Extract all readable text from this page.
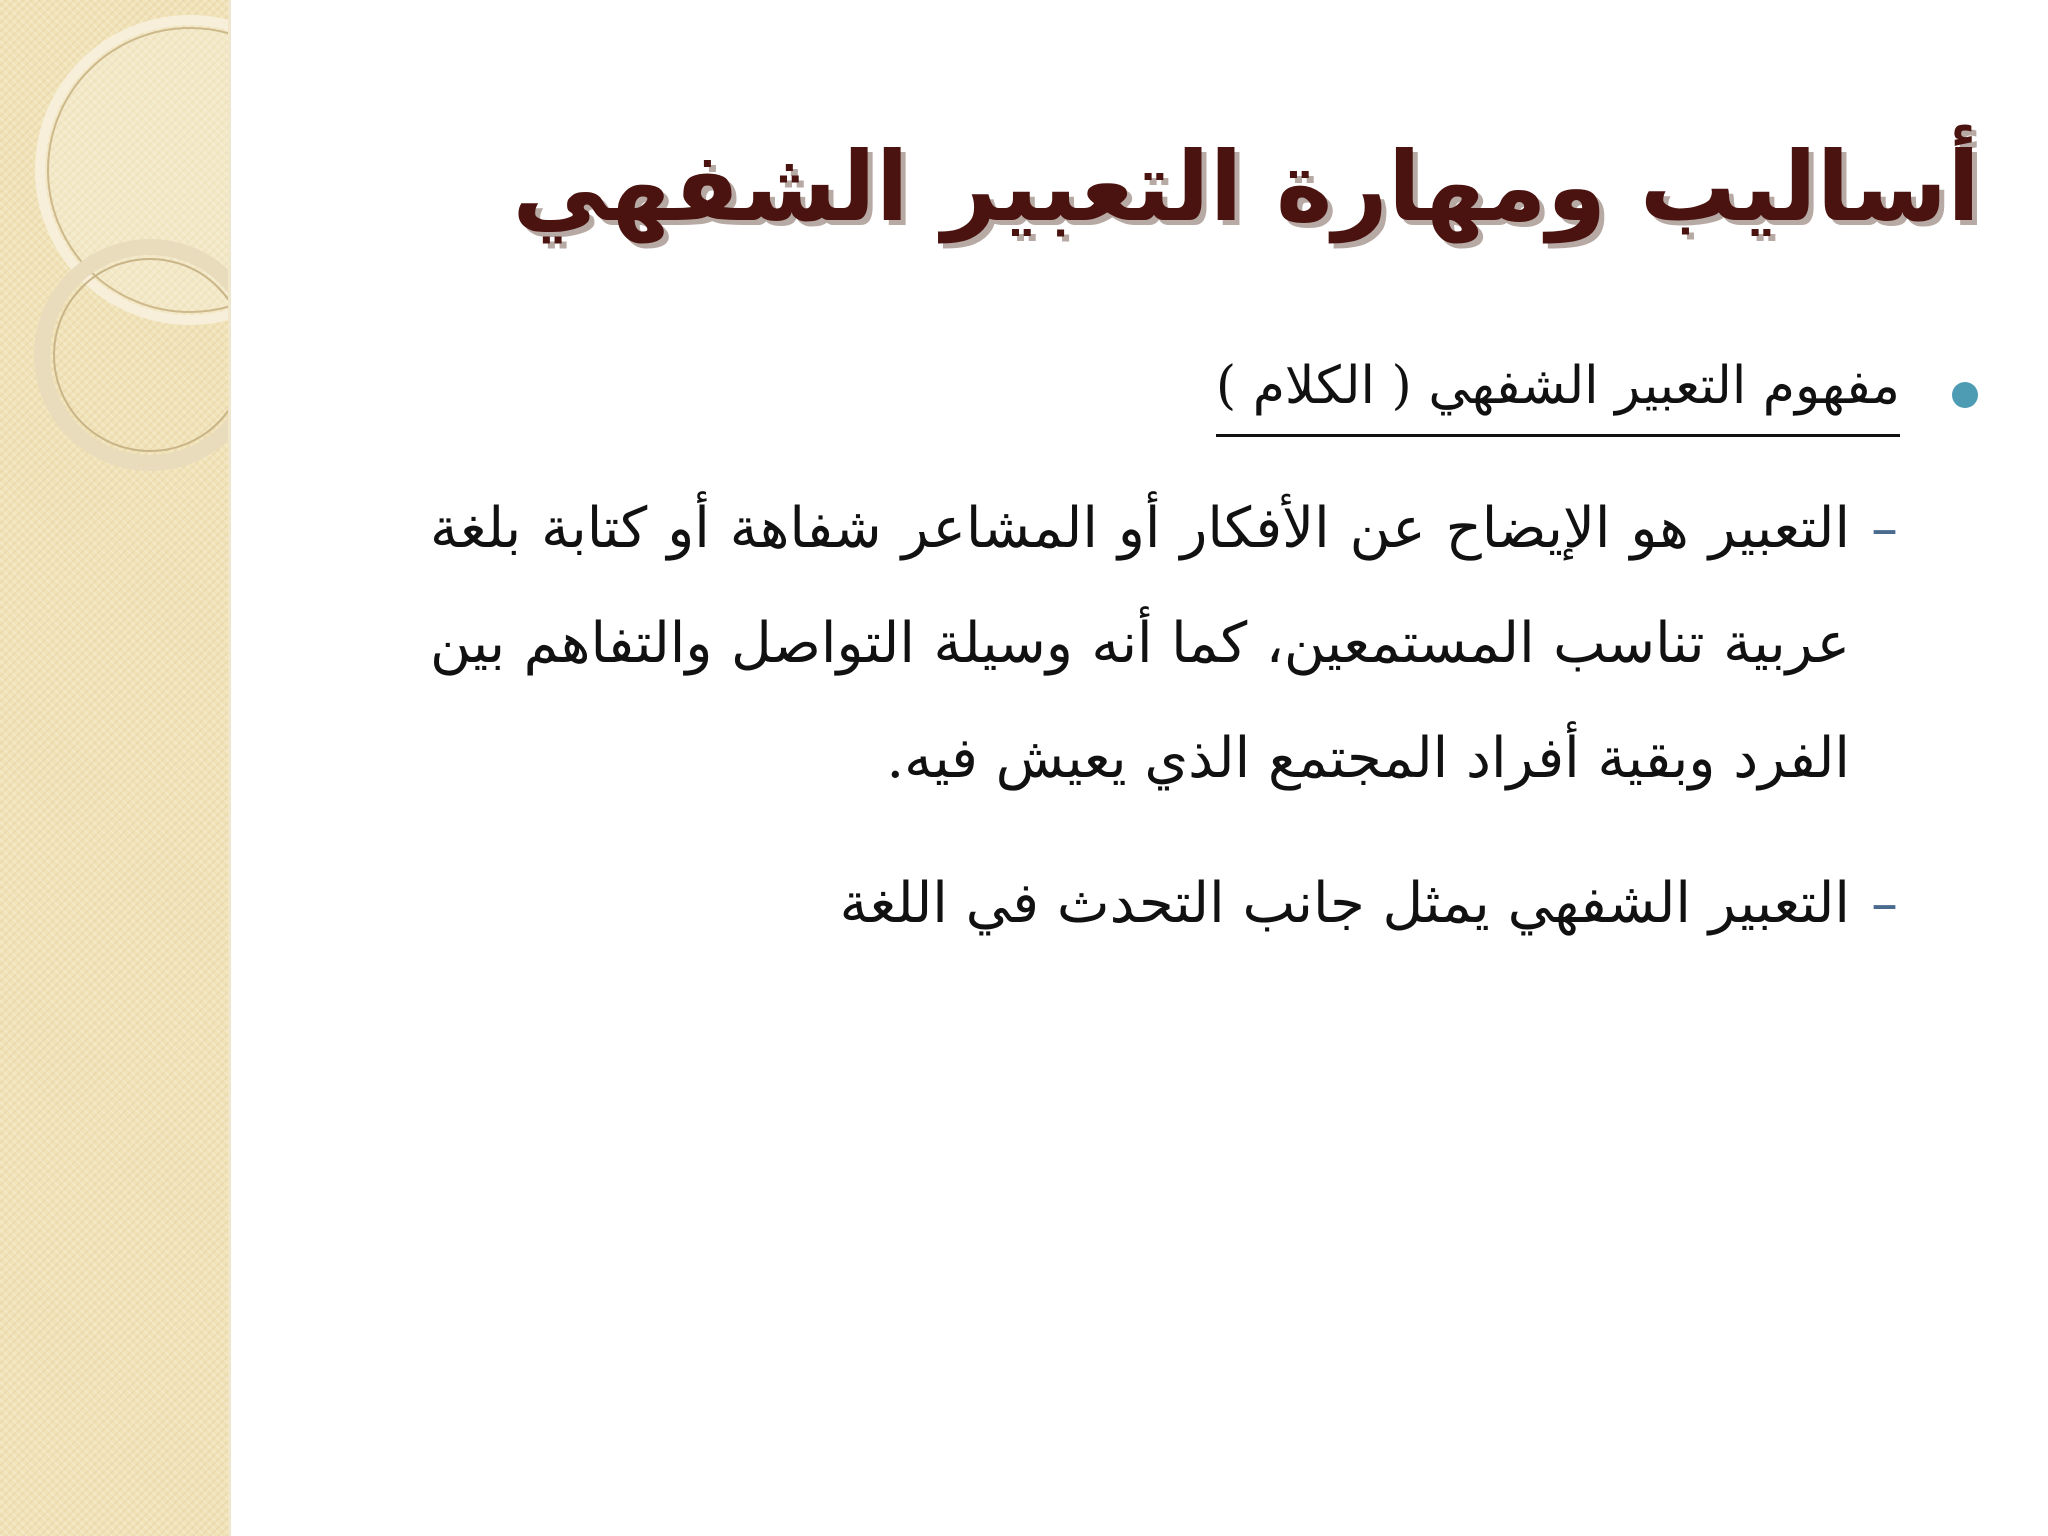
أساليب ومهارة التعبير الشفهي
مفهوم التعبير الشفهي ( الكلام )
–
التعبير هو الإيضاح عن الأفكار أو المشاعر شفاهة أو كتابة بلغة عربية تناسب المستمعين، كما أنه وسيلة التواصل والتفاهم بين الفرد وبقية أفراد المجتمع الذي يعيش فيه.
–
التعبير الشفهي يمثل جانب التحدث في اللغة
